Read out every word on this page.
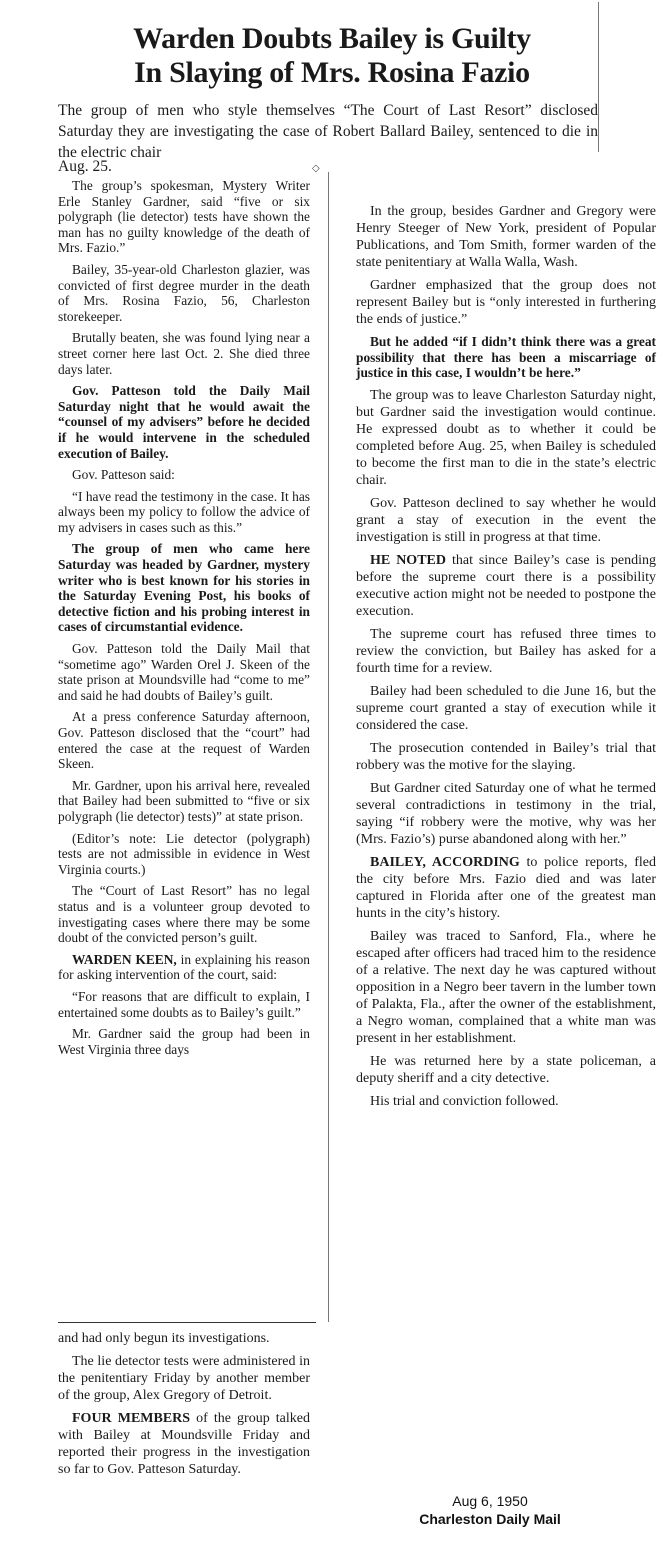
Warden Doubts Bailey is Guilty
In Slaying of Mrs. Rosina Fazio
The group of men who style themselves “The Court of Last Resort” disclosed Saturday they are investigating the case of Robert Ballard Bailey, sentenced to die in the electric chair
Aug. 25.	◇

The group’s spokesman, Mystery Writer Erle Stanley Gardner, said “five or six polygraph (lie detector) tests have shown the man has no guilty knowledge of the death of Mrs. Fazio.”

Bailey, 35-year-old Charleston glazier, was convicted of first degree murder in the death of Mrs. Rosina Fazio, 56, Charleston storekeeper.

Brutally beaten, she was found lying near a street corner here last Oct. 2. She died three days later.

Gov. Patteson told the Daily Mail Saturday night that he would await the “counsel of my advisers” before he decided if he would intervene in the scheduled execution of Bailey.

Gov. Patteson said:

“I have read the testimony in the case. It has always been my policy to follow the advice of my advisers in cases such as this.”

The group of men who came here Saturday was headed by Gardner, mystery writer who is best known for his stories in the Saturday Evening Post, his books of detective fiction and his probing interest in cases of circumstantial evidence.

Gov. Patteson told the Daily Mail that “sometime ago” Warden Orel J. Skeen of the state prison at Moundsville had “come to me” and said he had doubts of Bailey’s guilt.

At a press conference Saturday afternoon, Gov. Patteson disclosed that the “court” had entered the case at the request of Warden Skeen.

Mr. Gardner, upon his arrival here, revealed that Bailey had been submitted to “five or six polygraph (lie detector) tests)” at state prison.

(Editor’s note: Lie detector (polygraph) tests are not admissible in evidence in West Virginia courts.)

The “Court of Last Resort” has no legal status and is a volunteer group devoted to investigating cases where there may be some doubt of the convicted person’s guilt.

WARDEN KEEN, in explaining his reason for asking intervention of the court, said:

“For reasons that are difficult to explain, I entertained some doubts as to Bailey’s guilt.”

Mr. Gardner said the group had been in West Virginia three days

and had only begun its investigations.

The lie detector tests were administered in the penitentiary Friday by another member of the group, Alex Gregory of Detroit.

FOUR MEMBERS of the group talked with Bailey at Moundsville Friday and reported their progress in the investigation so far to Gov. Patteson Saturday.

In the group, besides Gardner and Gregory were Henry Steeger of New York, president of Popular Publications, and Tom Smith, former warden of the state penitentiary at Walla Walla, Wash.

Gardner emphasized that the group does not represent Bailey but is “only interested in furthering the ends of justice.”

But he added “if I didn’t think there was a great possibility that there has been a miscarriage of justice in this case, I wouldn’t be here.”

The group was to leave Charleston Saturday night, but Gardner said the investigation would continue. He expressed doubt as to whether it could be completed before Aug. 25, when Bailey is scheduled to become the first man to die in the state’s electric chair.

Gov. Patteson declined to say whether he would grant a stay of execution in the event the investigation is still in progress at that time.

HE NOTED that since Bailey’s case is pending before the supreme court there is a possibility executive action might not be needed to postpone the execution.

The supreme court has refused three times to review the conviction, but Bailey has asked for a fourth time for a review.

Bailey had been scheduled to die June 16, but the supreme court granted a stay of execution while it considered the case.

The prosecution contended in Bailey’s trial that robbery was the motive for the slaying.

But Gardner cited Saturday one of what he termed several contradictions in testimony in the trial, saying “if robbery were the motive, why was her (Mrs. Fazio’s) purse abandoned along with her.”

BAILEY, ACCORDING to police reports, fled the city before Mrs. Fazio died and was later captured in Florida after one of the greatest man hunts in the city’s history.

Bailey was traced to Sanford, Fla., where he escaped after officers had traced him to the residence of a relative. The next day he was captured without opposition in a Negro beer tavern in the lumber town of Palakta, Fla., after the owner of the establishment, a Negro woman, complained that a white man was present in her establishment.

He was returned here by a state policeman, a deputy sheriff and a city detective.

His trial and conviction followed.

Aug 6, 1950
Charleston Daily Mail
